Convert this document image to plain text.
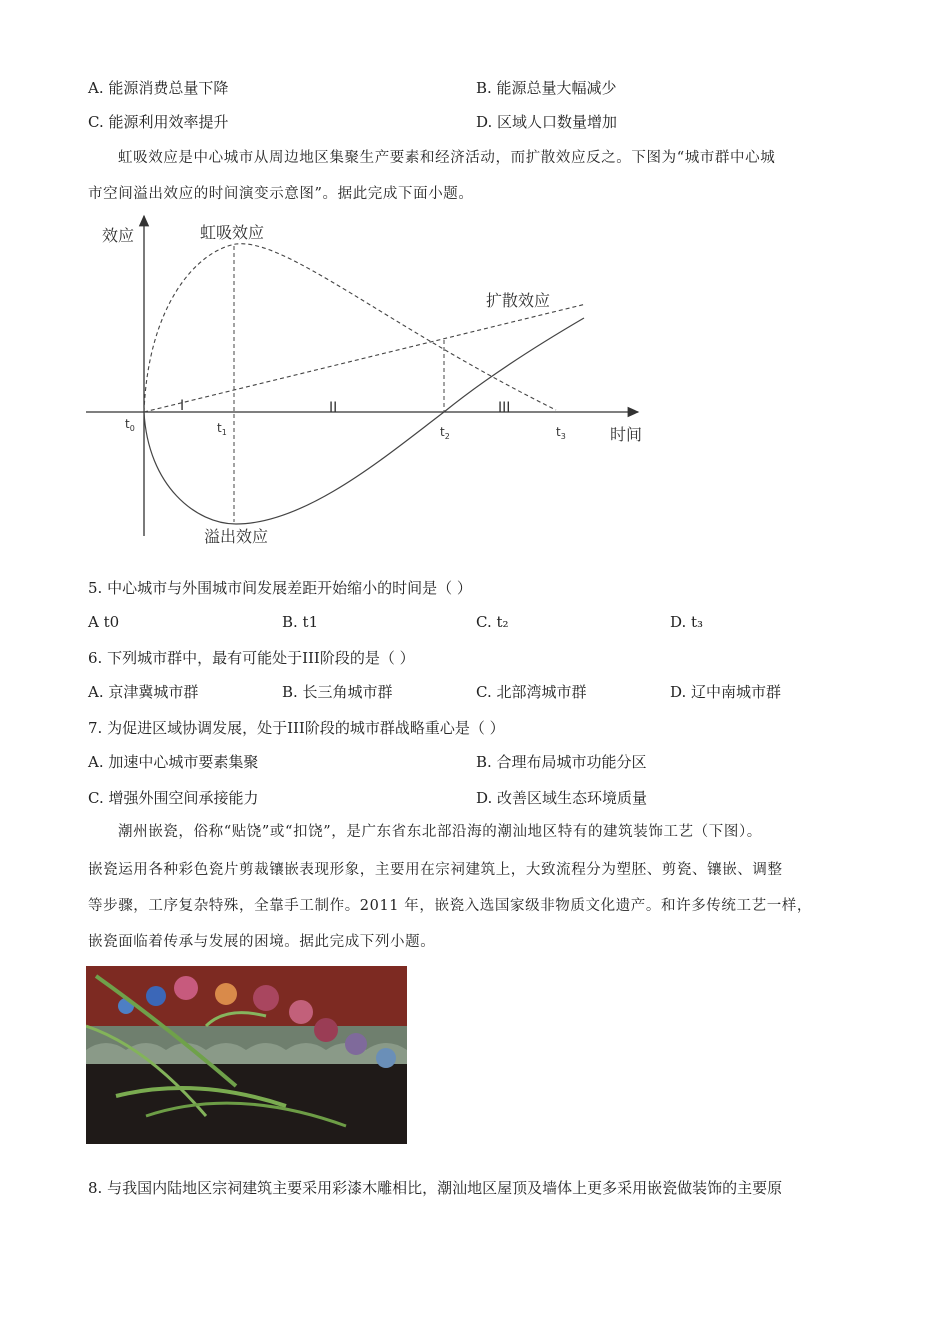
A. 能源消费总量下降	B. 能源总量大幅减少
C. 能源利用效率提升	D. 区域人口数量增加
虹吸效应是中心城市从周边地区集聚生产要素和经济活动，而扩散效应反之。下图为“城市群中心城
市空间溢出效应的时间演变示意图”。据此完成下面小题。
效应
时间
虹吸效应
扩散效应
溢出效应
$t_0$	$t_1$	$t_2$	$t_3$
I	II	III
5. 中心城市与外围城市间发展差距开始缩小的时间是（ ）
A t0	B. t1	C. t₂	D. t₃
6. 下列城市群中，最有可能处于III阶段的是（ ）
A. 京津冀城市群	B. 长三角城市群	C. 北部湾城市群	D. 辽中南城市群
7. 为促进区域协调发展，处于III阶段的城市群战略重心是（ ）
A. 加速中心城市要素集聚	B. 合理布局城市功能分区
C. 增强外围空间承接能力	D. 改善区域生态环境质量
潮州嵌瓷，俗称“贴饶”或“扣饶”，是广东省东北部沿海的潮汕地区特有的建筑装饰工艺（下图）。
嵌瓷运用各种彩色瓷片剪裁镶嵌表现形象，主要用在宗祠建筑上，大致流程分为塑胚、剪瓷、镶嵌、调整
等步骤，工序复杂特殊，全靠手工制作。2011 年，嵌瓷入选国家级非物质文化遗产。和许多传统工艺一样，
嵌瓷面临着传承与发展的困境。据此完成下列小题。
8. 与我国内陆地区宗祠建筑主要采用彩漆木雕相比，潮汕地区屋顶及墙体上更多采用嵌瓷做装饰的主要原
